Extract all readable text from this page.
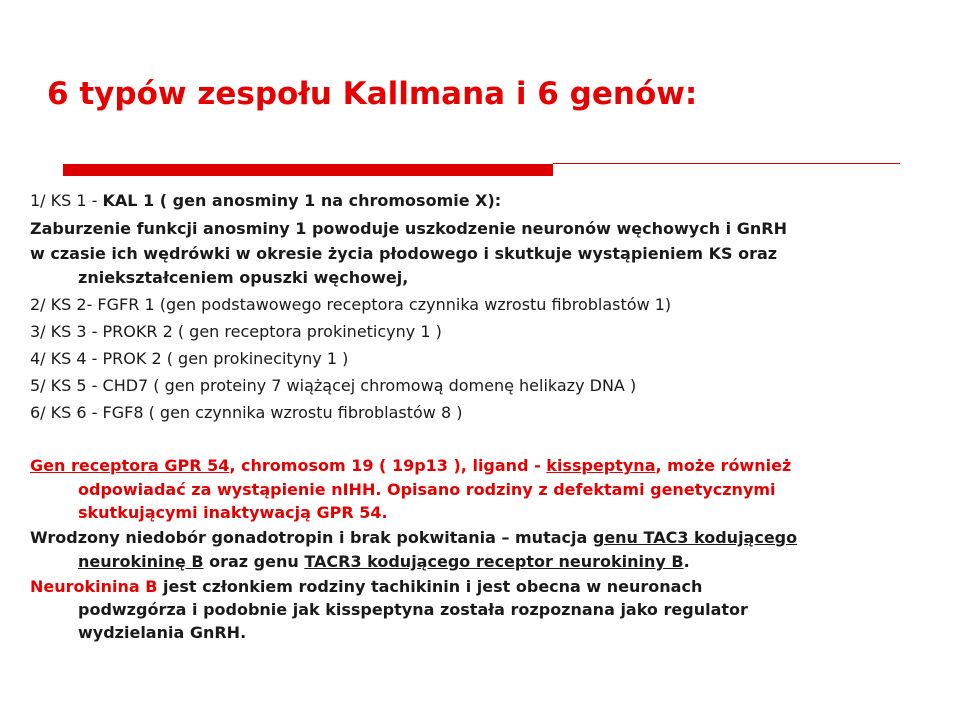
6 typów zespołu Kallmana i 6 genów:
1/ KS 1 - KAL 1 ( gen anosminy 1 na chromosomie X):
Zaburzenie funkcji anosminy 1 powoduje uszkodzenie neuronów węchowych i GnRH
w czasie ich wędrówki w okresie życia płodowego i skutkuje wystąpieniem KS oraz
zniekształceniem opuszki węchowej,
2/ KS 2- FGFR 1 (gen podstawowego receptora czynnika wzrostu fibroblastów 1)
3/ KS 3 - PROKR 2 ( gen receptora prokineticyny 1 )
4/ KS 4 - PROK 2 ( gen prokinecityny 1 )
5/ KS 5 - CHD7 ( gen proteiny 7 wiążącej chromową domenę helikazy DNA )
6/ KS 6 - FGF8 ( gen czynnika wzrostu fibroblastów 8 )
Gen receptora GPR 54, chromosom 19 ( 19p13 ), ligand - kisspeptyna, może również
odpowiadać za wystąpienie nIHH. Opisano rodziny z defektami genetycznymi
skutkującymi inaktywacją GPR 54.
Wrodzony niedobór gonadotropin i brak pokwitania – mutacja genu TAC3 kodującego
neurokininę B oraz genu TACR3 kodującego receptor neurokininy B.
Neurokinina B jest członkiem rodziny tachikinin i jest obecna w neuronach
podwzgórza i podobnie jak kisspeptyna została rozpoznana jako regulator
wydzielania GnRH.
